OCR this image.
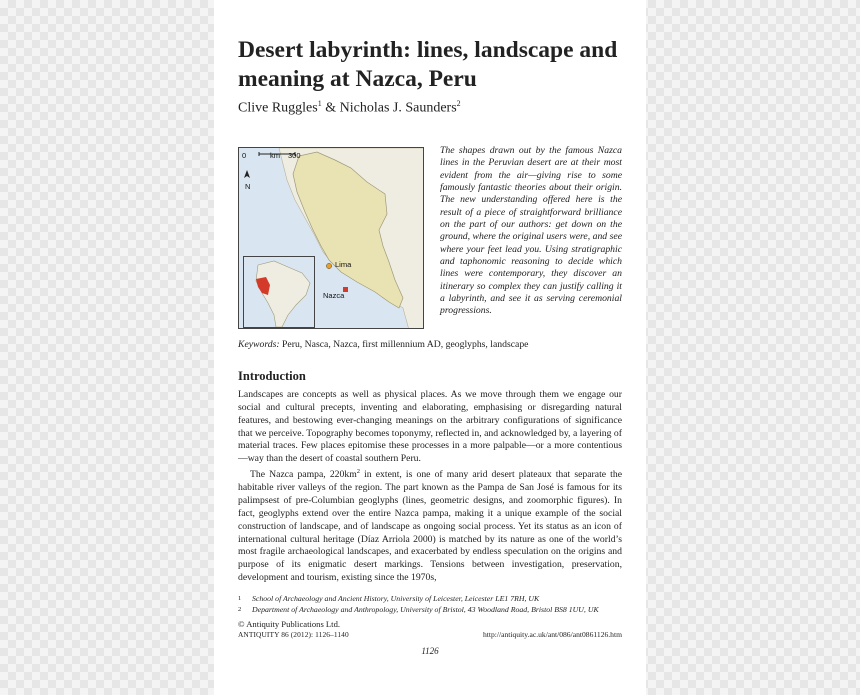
Desert labyrinth: lines, landscape and meaning at Nazca, Peru
Clive Ruggles$^1$ & Nicholas J. Saunders$^2$
0	km 300
N
Lima
Nazca

The shapes drawn out by the famous Nazca lines in the Peruvian desert are at their most evident from the air—giving rise to some famously fantastic theories about their origin. The new understanding offered here is the result of a piece of straightforward brilliance on the part of our authors: get down on the ground, where the original users were, and see where your feet lead you. Using stratigraphic and taphonomic reasoning to decide which lines were contemporary, they discover an itinerary so complex they can justify calling it a labyrinth, and see it as serving ceremonial progressions.

Keywords: Peru, Nasca, Nazca, first millennium AD, geoglyphs, landscape
Introduction

Landscapes are concepts as well as physical places. As we move through them we engage our social and cultural precepts, inventing and elaborating, emphasising or disregarding natural features, and bestowing ever-changing meanings on the arbitrary configurations of significance that we perceive. Topography becomes toponymy, reflected in, and acknowledged by, a layering of material traces. Few places epitomise these processes in a more palpable—or a more contentious—way than the desert of coastal southern Peru.

The Nazca pampa, $220km^2$ in extent, is one of many arid desert plateaux that separate the habitable river valleys of the region. The part known as the Pampa de San José is famous for its palimpsest of pre-Columbian geoglyphs (lines, geometric designs, and zoomorphic figures). In fact, geoglyphs extend over the entire Nazca pampa, making it a unique example of the social construction of landscape, and of landscape as ongoing social process. Yet its status as an icon of international cultural heritage (Díaz Arriola 2000) is matched by its nature as one of the world’s most fragile archaeological landscapes, and exacerbated by endless speculation on the origins and purpose of its enigmatic desert markings. Tensions between investigation, preservation, development and tourism, existing since the 1970s,

1	School of Archaeology and Ancient History, University of Leicester, Leicester LE1 7RH, UK
2	Department of Archaeology and Anthropology, University of Bristol, 43 Woodland Road, Bristol BS8 1UU, UK
© Antiquity Publications Ltd.
ANTIQUITY 86 (2012): 1126–1140	http://antiquity.ac.uk/ant/086/ant0861126.htm
1126
